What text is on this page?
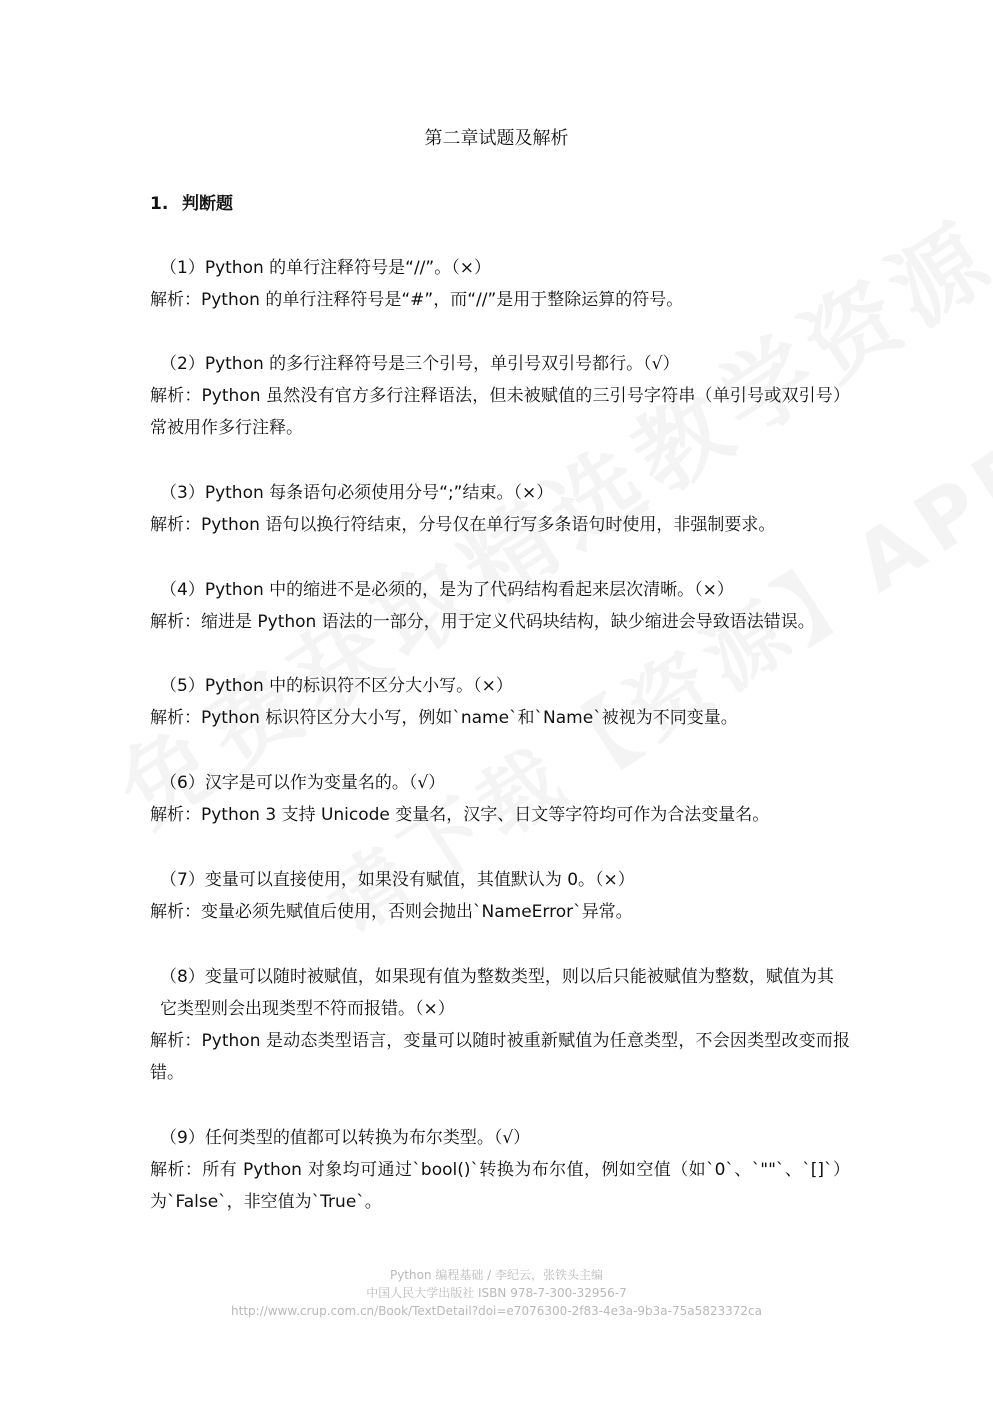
第二章试题及解析
1. 判断题

（1）Python 的单行注释符号是“//”。（×）

解析：Python 的单行注释符号是“#”，而“//”是用于整除运算的符号。

（2）Python 的多行注释符号是三个引号，单引号双引号都行。（√）

解析：Python 虽然没有官方多行注释语法，但未被赋值的三引号字符串（单引号或双引号）常被用作多行注释。

（3）Python 每条语句必须使用分号“;”结束。（×）

解析：Python 语句以换行符结束，分号仅在单行写多条语句时使用，非强制要求。

（4）Python 中的缩进不是必须的，是为了代码结构看起来层次清晰。（×）

解析：缩进是 Python 语法的一部分，用于定义代码块结构，缺少缩进会导致语法错误。

（5）Python 中的标识符不区分大小写。（×）

解析：Python 标识符区分大小写，例如`name`和`Name`被视为不同变量。

（6）汉字是可以作为变量名的。（√）

解析：Python 3 支持 Unicode 变量名，汉字、日文等字符均可作为合法变量名。

（7）变量可以直接使用，如果没有赋值，其值默认为 0。（×）

解析：变量必须先赋值后使用，否则会抛出`NameError`异常。

（8）变量可以随时被赋值，如果现有值为整数类型，则以后只能被赋值为整数，赋值为其它类型则会出现类型不符而报错。（×）

解析：Python 是动态类型语言，变量可以随时被重新赋值为任意类型，不会因类型改变而报错。

（9）任何类型的值都可以转换为布尔类型。（√）

解析：所有 Python 对象均可通过`bool()`转换为布尔值，例如空值（如`0`、`""`、`[]`）为`False`，非空值为`True`。

Python 编程基础 / 李纪云，张铁头主编
中国人民大学出版社 ISBN 978-7-300-32956-7
http://www.crup.com.cn/Book/TextDetail?doi=e7076300-2f83-4e3a-9b3a-75a5823372ca
